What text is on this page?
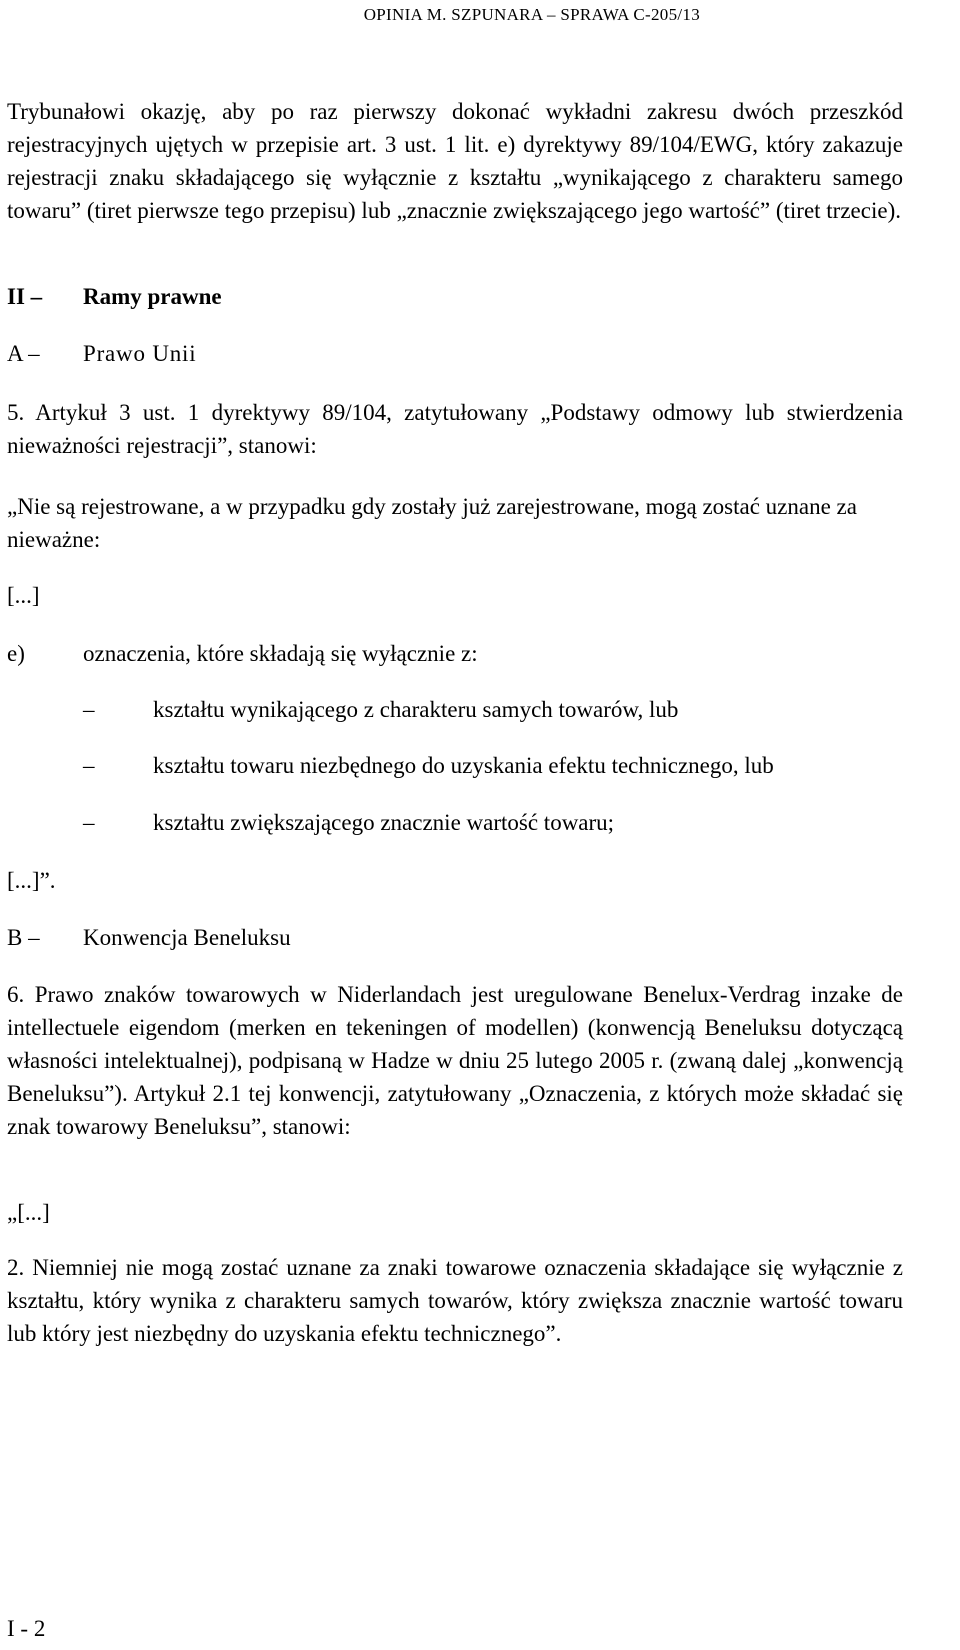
OPINIA M. SZPUNARA – SPRAWA C-205/13

Trybunałowi okazję, aby po raz pierwszy dokonać wykładni zakresu dwóch przeszkód rejestracyjnych ujętych w przepisie art. 3 ust. 1 lit. e) dyrektywy 89/104/EWG, który zakazuje rejestracji znaku składającego się wyłącznie z kształtu „wynikającego z charakteru samego towaru” (tiret pierwsze tego przepisu) lub „znacznie zwiększającego jego wartość” (tiret trzecie).

II – Ramy prawne
A – Prawo Unii

5. Artykuł 3 ust. 1 dyrektywy 89/104, zatytułowany „Podstawy odmowy lub stwierdzenia nieważności rejestracji”, stanowi:

„Nie są rejestrowane, a w przypadku gdy zostały już zarejestrowane, mogą zostać uznane za nieważne:

[...]

e)	oznaczenia, które składają się wyłącznie z:
–	kształtu wynikającego z charakteru samych towarów, lub
–	kształtu towaru niezbędnego do uzyskania efektu technicznego, lub
–	kształtu zwiększającego znacznie wartość towaru;

[...]”.

B – Konwencja Beneluksu

6. Prawo znaków towarowych w Niderlandach jest uregulowane Benelux-Verdrag inzake de intellectuele eigendom (merken en tekeningen of modellen) (konwencją Beneluksu dotyczącą własności intelektualnej), podpisaną w Hadze w dniu 25 lutego 2005 r. (zwaną dalej „konwencją Beneluksu”). Artykuł 2.1 tej konwencji, zatytułowany „Oznaczenia, z których może składać się znak towarowy Beneluksu”, stanowi:

„[...]

2. Niemniej nie mogą zostać uznane za znaki towarowe oznaczenia składające się wyłącznie z kształtu, który wynika z charakteru samych towarów, który zwiększa znacznie wartość towaru lub który jest niezbędny do uzyskania efektu technicznego”.

I - 2
